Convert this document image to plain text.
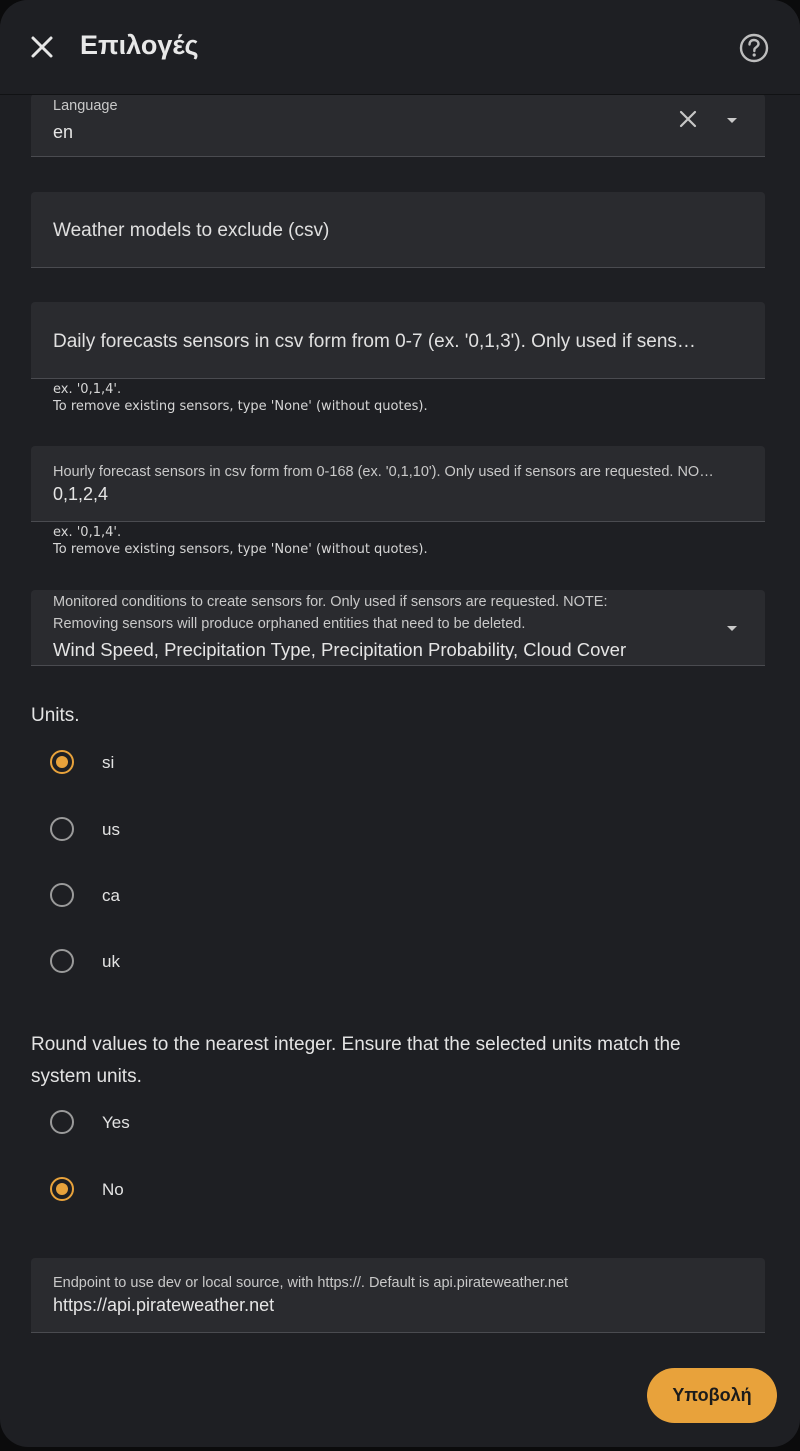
Επιλογές
Language
en
Weather models to exclude (csv)
Daily forecasts sensors in csv form from 0-7 (ex. '0,1,3'). Only used if sens…
ex. '0,1,4'.
To remove existing sensors, type 'None' (without quotes).
Hourly forecast sensors in csv form from 0-168 (ex. '0,1,10'). Only used if sensors are requested. NO…
0,1,2,4
ex. '0,1,4'.
To remove existing sensors, type 'None' (without quotes).
Monitored conditions to create sensors for. Only used if sensors are requested. NOTE:
Removing sensors will produce orphaned entities that need to be deleted.
Wind Speed, Precipitation Type, Precipitation Probability, Cloud Cover
Units.
si
us
ca
uk
Round values to the nearest integer. Ensure that the selected units match the
system units.
Yes
No
Endpoint to use dev or local source, with https://. Default is api.pirateweather.net
https://api.pirateweather.net
Υποβολή
